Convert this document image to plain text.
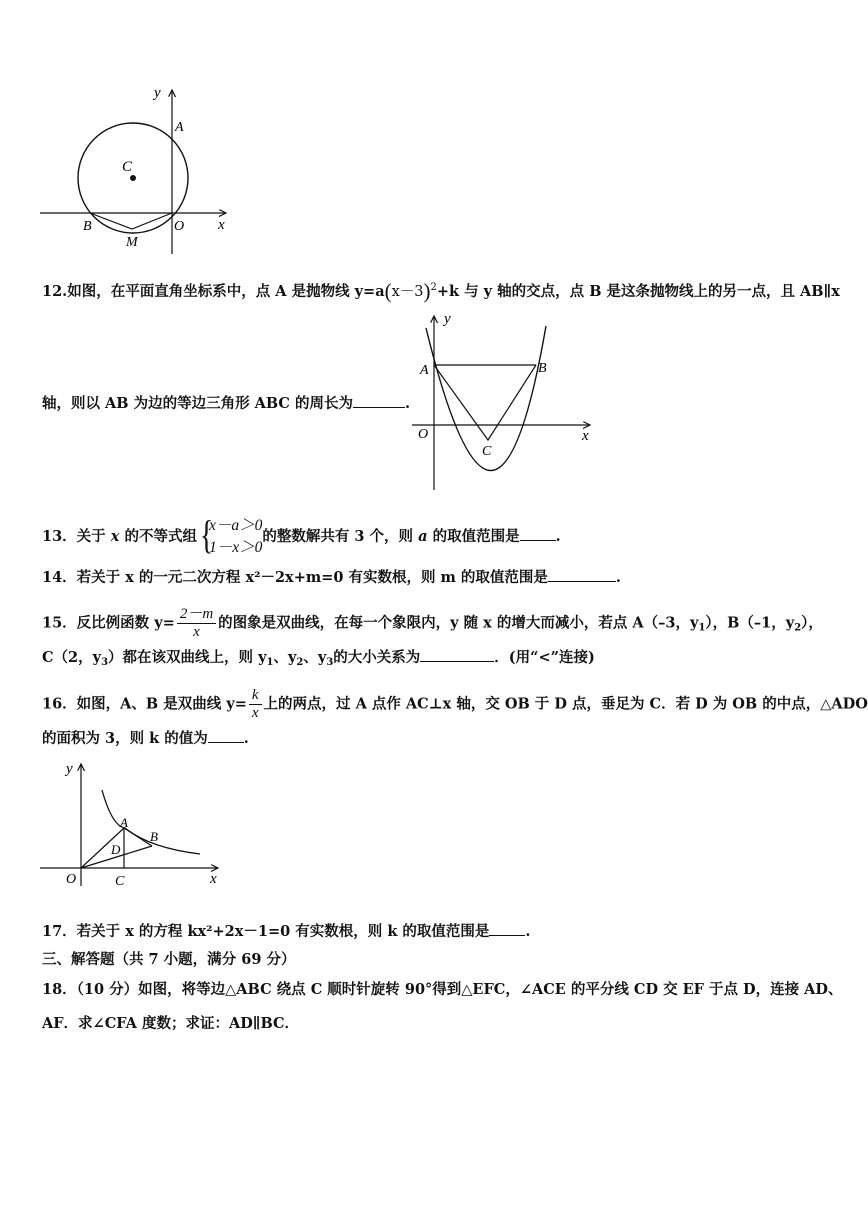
y
A
C
B	O x
M
12.如图，在平面直角坐标系中，点 A 是抛物线 $y=a(x-3)^2+k$ 与 y 轴的交点，点 B 是这条抛物线上的另一点，且 AB∥x
y
A	B
O	x
C
轴，则以 AB 为边的等边三角形 ABC 的周长为	.
13．关于 x 的不等式组 {
x－a＞0
1－x＞0
的整数解共有 3 个，则 a 的取值范围是 .
14．若关于 x 的一元二次方程 x²－2x+m=0 有实数根，则 m 的取值范围是	.
15．反比例函数 $y= \frac{2-m}{x}$ 的图象是双曲线，在每一个象限内，y 随 x 的增大而减小，若点 A（–3，$y_1$），B（–1，$y_2$），
C（2，$y_3$）都在该双曲线上，则 $y_1$、$y_2$、$y_3$的大小关系为	．(用“<”连接)
16．如图，A、B 是双曲线 $y= \frac{k}{x}$ 上的两点，过 A 点作 AC⊥x 轴，交 OB 于 D 点，垂足为 C．若 D 为 OB 的中点，△ADO
的面积为 3，则 k 的值为 .
y
A
B
D
O	C	x
17．若关于 x 的方程 kx²+2x－1=0 有实数根，则 k 的取值范围是 .
三、解答题（共 7 小题，满分 69 分）
18．（10 分）如图，将等边△ABC 绕点 C 顺时针旋转 90°得到△EFC，∠ACE 的平分线 CD 交 EF 于点 D，连接 AD、
AF．求∠CFA 度数；求证：AD∥BC．
